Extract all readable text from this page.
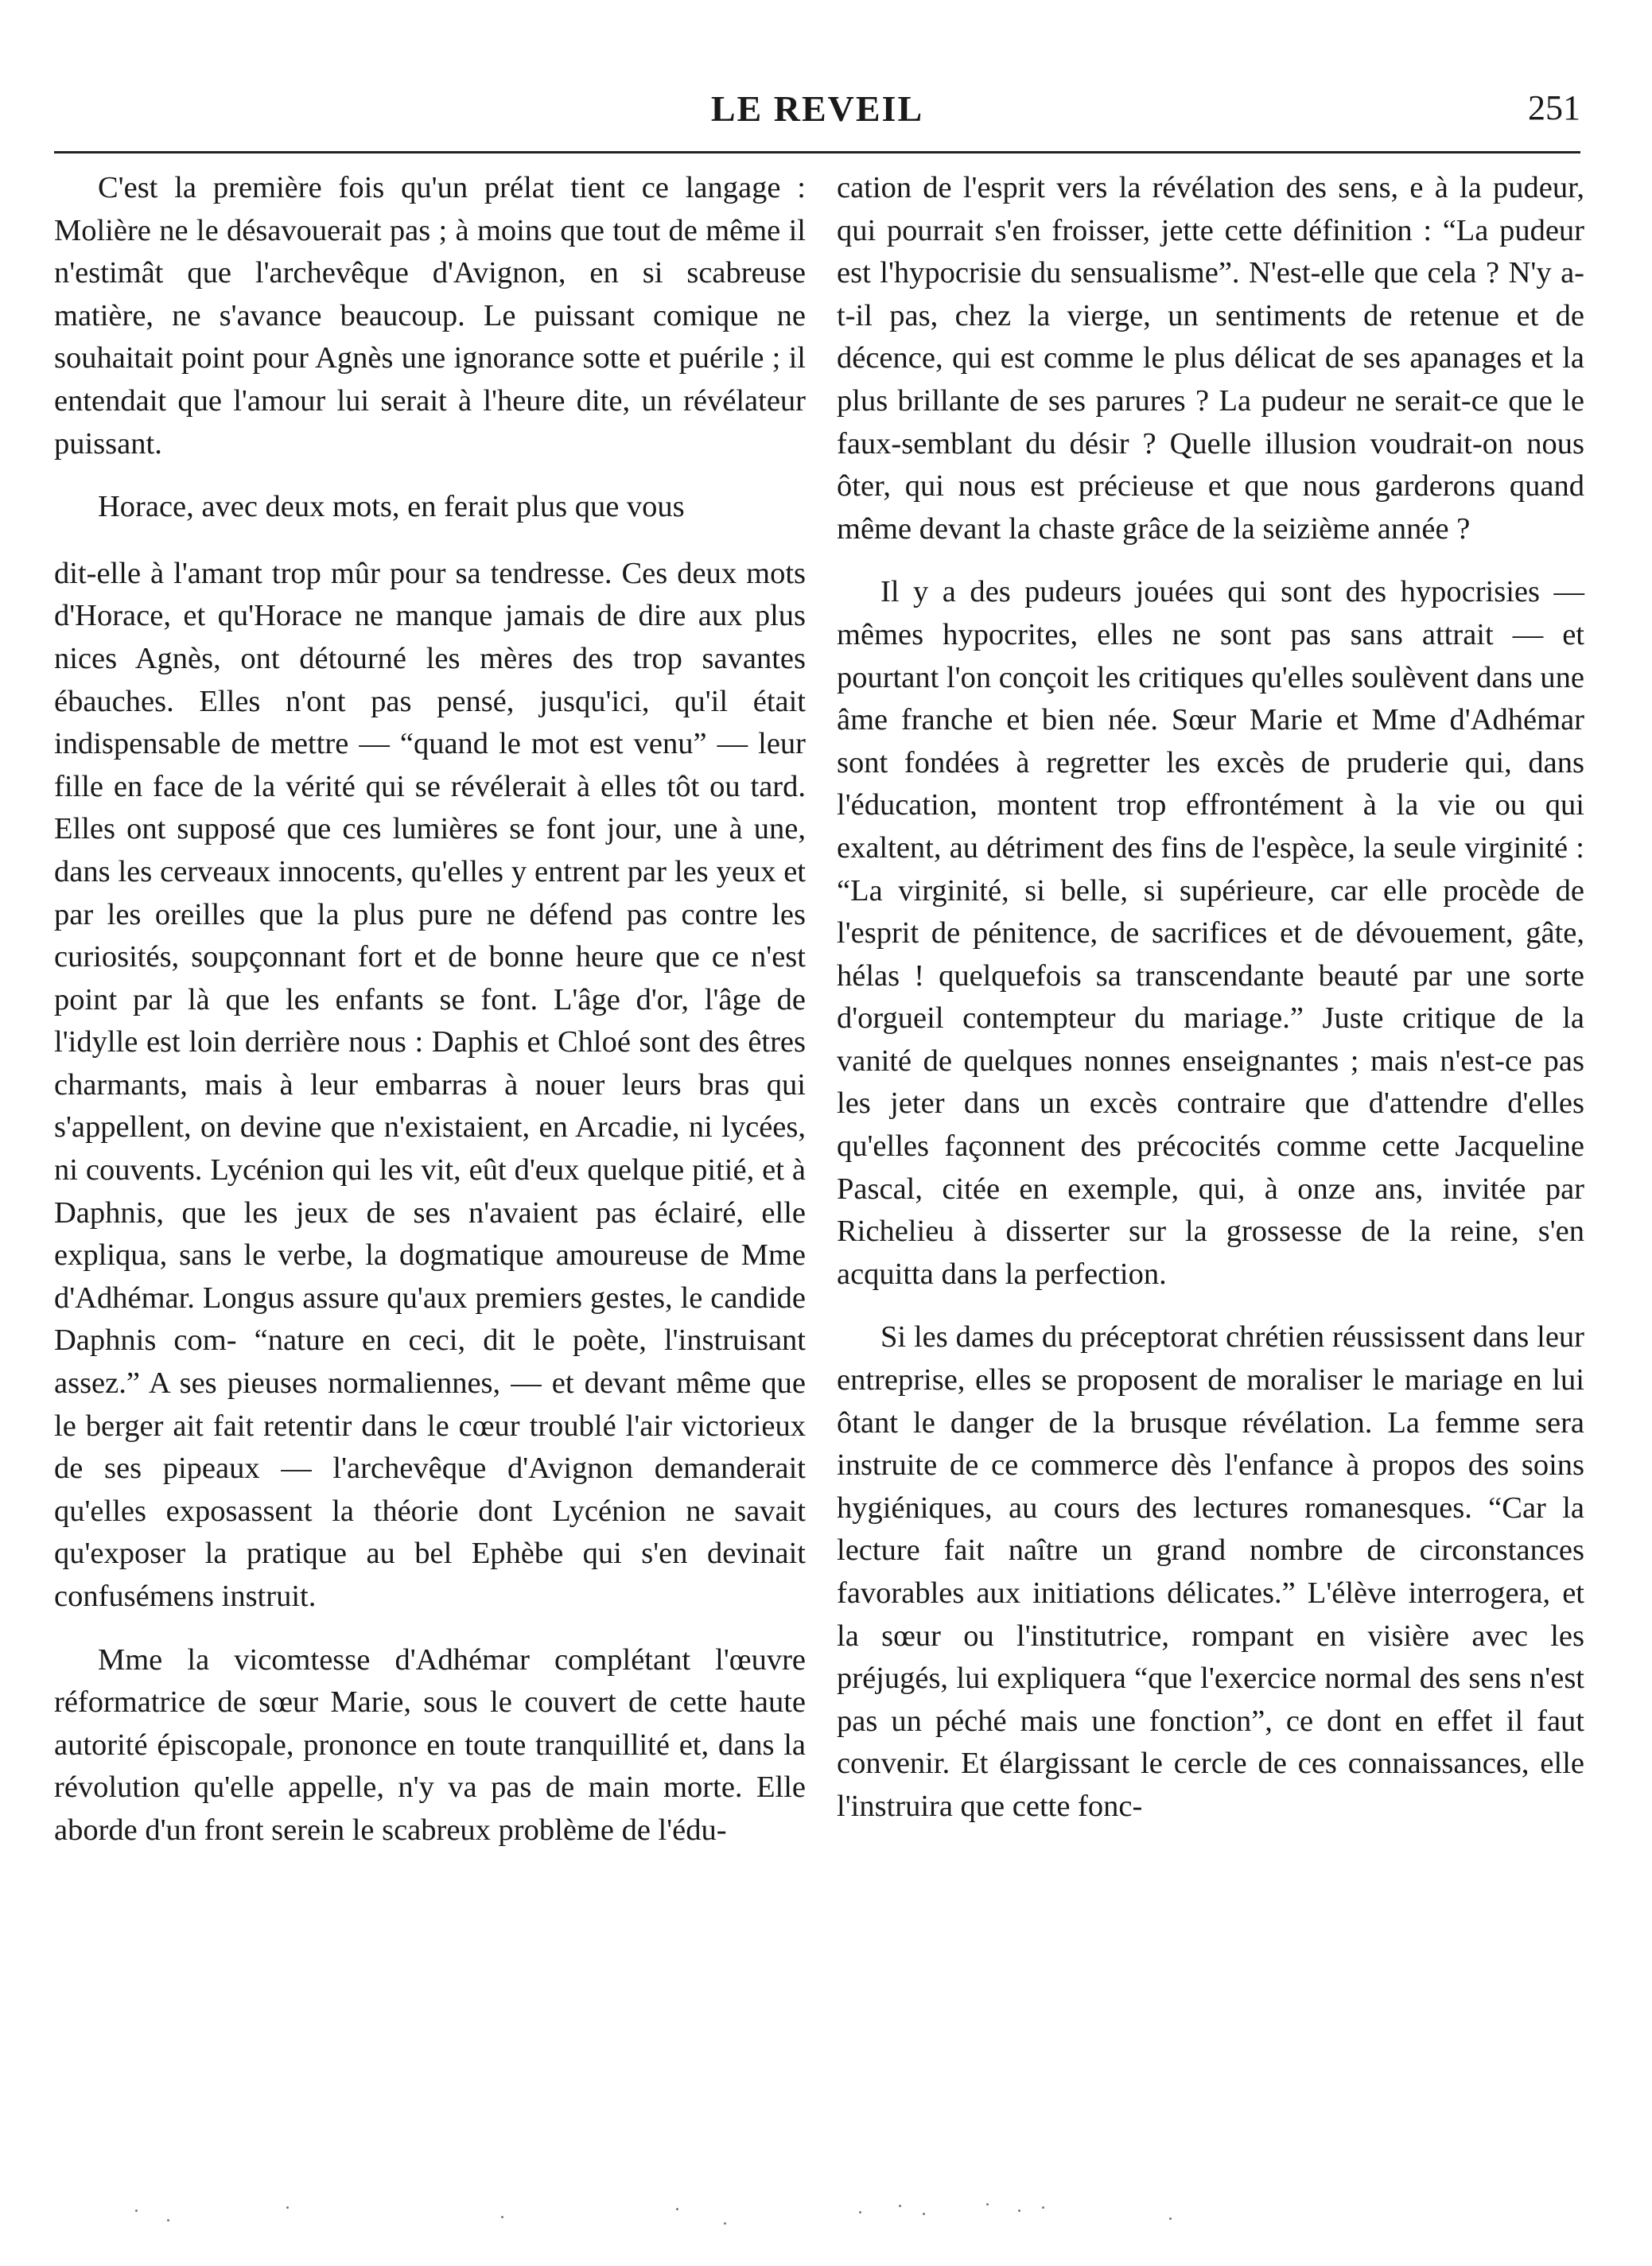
LE REVEIL	251

C'est la première fois qu'un prélat tient ce langage : Molière ne le désavouerait pas ; à moins que tout de même il n'estimât que l'archevêque d'Avignon, en si scabreuse matière, ne s'avance beaucoup. Le puissant comique ne souhaitait point pour Agnès une ignorance sotte et puérile ; il entendait que l'amour lui serait à l'heure dite, un révélateur puissant.

Horace, avec deux mots, en ferait plus que vous

dit-elle à l'amant trop mûr pour sa tendresse. Ces deux mots d'Horace, et qu'Horace ne manque jamais de dire aux plus nices Agnès, ont détourné les mères des trop savantes ébauches. Elles n'ont pas pensé, jusqu'ici, qu'il était indispensable de mettre — “quand le mot est venu” — leur fille en face de la vérité qui se révélerait à elles tôt ou tard. Elles ont supposé que ces lumières se font jour, une à une, dans les cerveaux innocents, qu'elles y entrent par les yeux et par les oreilles que la plus pure ne défend pas contre les curiosités, soupçonnant fort et de bonne heure que ce n'est point par là que les enfants se font. L'âge d'or, l'âge de l'idylle est loin derrière nous : Daphis et Chloé sont des êtres charmants, mais à leur embarras à nouer leurs bras qui s'appellent, on devine que n'existaient, en Arcadie, ni lycées, ni couvents. Lycénion qui les vit, eût d'eux quelque pitié, et à Daphnis, que les jeux de ses n'avaient pas éclairé, elle expliqua, sans le verbe, la dogmatique amoureuse de Mme d'Adhémar. Longus assure qu'aux premiers gestes, le candide Daphnis com- “nature en ceci, dit le poète, l'instruisant assez.” A ses pieuses normaliennes, — et devant même que le berger ait fait retentir dans le cœur troublé l'air victorieux de ses pipeaux — l'archevêque d'Avignon demanderait qu'elles exposassent la théorie dont Lycénion ne savait qu'exposer la pratique au bel Ephèbe qui s'en devinait confusémens instruit.

Mme la vicomtesse d'Adhémar complétant l'œuvre réformatrice de sœur Marie, sous le couvert de cette haute autorité épiscopale, prononce en toute tranquillité et, dans la révolution qu'elle appelle, n'y va pas de main morte. Elle aborde d'un front serein le scabreux problème de l'édu-

cation de l'esprit vers la révélation des sens, e à la pudeur, qui pourrait s'en froisser, jette cette définition : “La pudeur est l'hypocrisie du sensualisme”. N'est-elle que cela ? N'y a-t-il pas, chez la vierge, un sentiments de retenue et de décence, qui est comme le plus délicat de ses apanages et la plus brillante de ses parures ? La pudeur ne serait-ce que le faux-semblant du désir ? Quelle illusion voudrait-on nous ôter, qui nous est précieuse et que nous garderons quand même devant la chaste grâce de la seizième année ?

Il y a des pudeurs jouées qui sont des hypocrisies — mêmes hypocrites, elles ne sont pas sans attrait — et pourtant l'on conçoit les critiques qu'elles soulèvent dans une âme franche et bien née. Sœur Marie et Mme d'Adhémar sont fondées à regretter les excès de pruderie qui, dans l'éducation, montent trop effrontément à la vie ou qui exaltent, au détriment des fins de l'espèce, la seule virginité : “La virginité, si belle, si supérieure, car elle procède de l'esprit de pénitence, de sacrifices et de dévouement, gâte, hélas ! quelquefois sa transcendante beauté par une sorte d'orgueil contempteur du mariage.” Juste critique de la vanité de quelques nonnes enseignantes ; mais n'est-ce pas les jeter dans un excès contraire que d'attendre d'elles qu'elles façonnent des précocités comme cette Jacqueline Pascal, citée en exemple, qui, à onze ans, invitée par Richelieu à disserter sur la grossesse de la reine, s'en acquitta dans la perfection.

Si les dames du préceptorat chrétien réussissent dans leur entreprise, elles se proposent de moraliser le mariage en lui ôtant le danger de la brusque révélation. La femme sera instruite de ce commerce dès l'enfance à propos des soins hygiéniques, au cours des lectures romanesques. “Car la lecture fait naître un grand nombre de circonstances favorables aux initiations délicates.” L'élève interrogera, et la sœur ou l'institutrice, rompant en visière avec les préjugés, lui expliquera “que l'exercice normal des sens n'est pas un péché mais une fonction”, ce dont en effet il faut convenir. Et élargissant le cercle de ces connaissances, elle l'instruira que cette fonc-
